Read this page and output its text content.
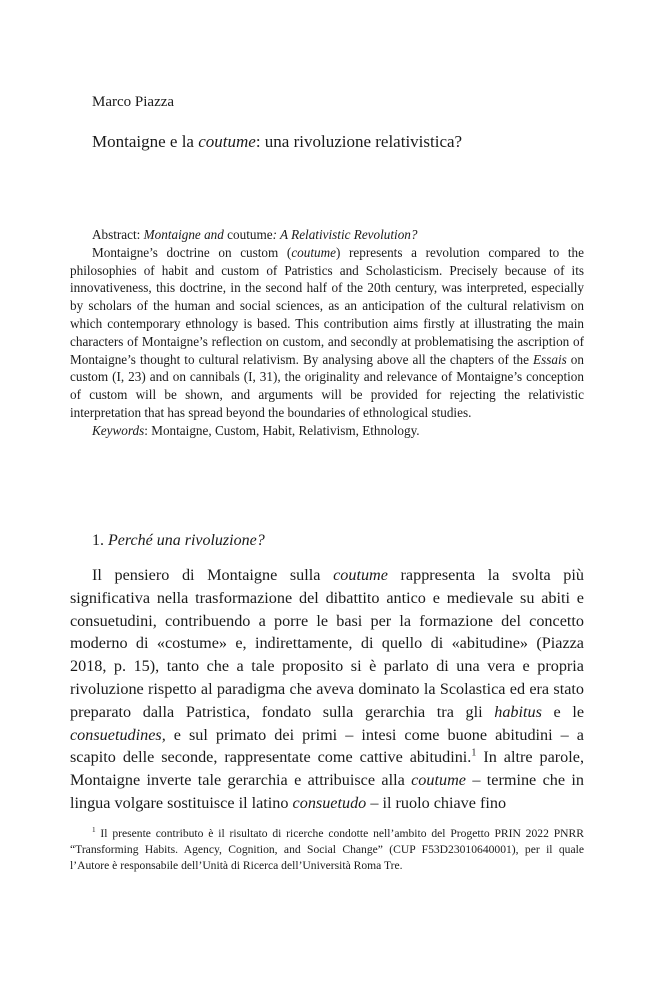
Marco Piazza
Montaigne e la coutume: una rivoluzione relativistica?

Abstract: Montaigne and coutume: A Relativistic Revolution?

Montaigne’s doctrine on custom (coutume) represents a revolution compared to the philosophies of habit and custom of Patristics and Scholasticism. Precisely because of its innovativeness, this doctrine, in the second half of the 20th century, was interpreted, especially by scholars of the human and social sciences, as an anticipation of the cultural relativism on which contemporary ethnology is based. This contribution aims firstly at illustrating the main characters of Montaigne’s reflection on custom, and secondly at problematising the ascription of Montaigne’s thought to cultural relativism. By analysing above all the chapters of the Essais on custom (I, 23) and on cannibals (I, 31), the originality and relevance of Montaigne’s conception of custom will be shown, and arguments will be provided for rejecting the relativistic interpretation that has spread beyond the boundaries of ethnological studies.

Keywords: Montaigne, Custom, Habit, Relativism, Ethnology.

1. Perché una rivoluzione?

Il pensiero di Montaigne sulla coutume rappresenta la svolta più significativa nella trasformazione del dibattito antico e medievale su abiti e consuetudini, contribuendo a porre le basi per la formazione del concetto moderno di «costume» e, indirettamente, di quello di «abitudine» (Piazza 2018, p. 15), tanto che a tale proposito si è parlato di una vera e propria rivoluzione rispetto al paradigma che aveva dominato la Scolastica ed era stato preparato dalla Patristica, fondato sulla gerarchia tra gli habitus e le consuetudines, e sul primato dei primi – intesi come buone abitudini – a scapito delle seconde, rappresentate come cattive abitudini.$^1$ In altre parole, Montaigne inverte tale gerarchia e attribuisce alla coutume – termine che in lingua volgare sostituisce il latino consuetudo – il ruolo chiave fino

$^1$ Il presente contributo è il risultato di ricerche condotte nell’ambito del Progetto PRIN 2022 PNRR “Transforming Habits. Agency, Cognition, and Social Change” (CUP F53D23010640001), per il quale l’Autore è responsabile dell’Unità di Ricerca dell’Università Roma Tre.
